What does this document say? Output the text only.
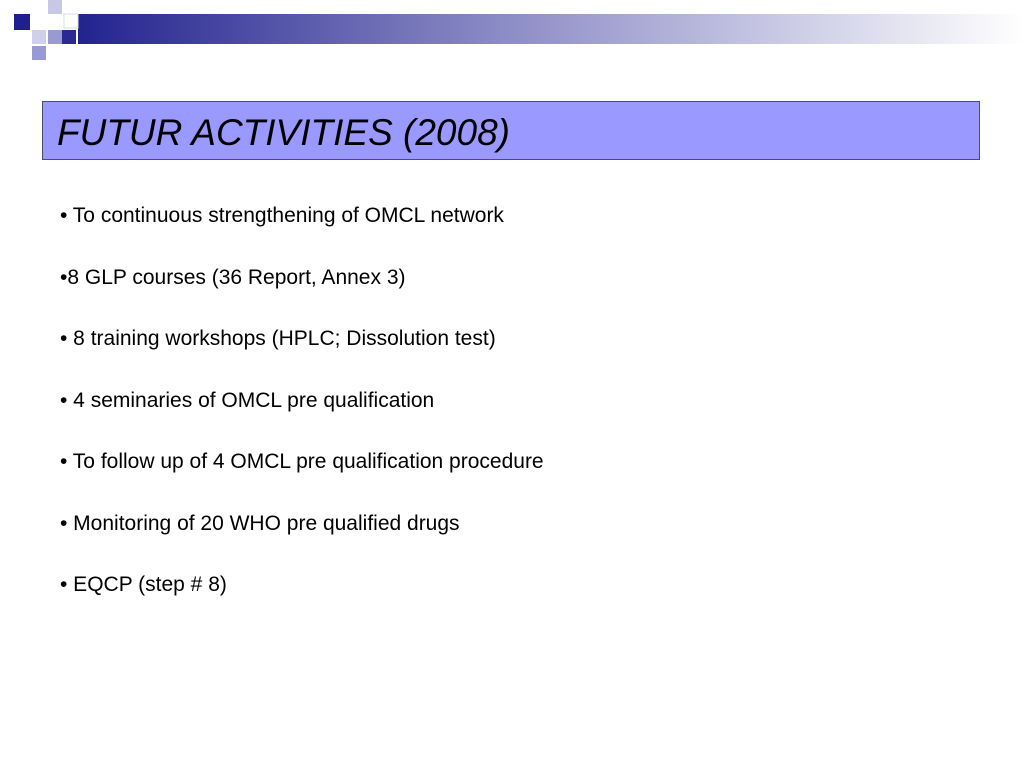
FUTUR ACTIVITIES (2008)
• To continuous strengthening of OMCL network
•8 GLP courses (36 Report, Annex 3)
• 8 training workshops (HPLC; Dissolution test)
• 4 seminaries of OMCL pre qualification
• To follow up of 4 OMCL pre qualification procedure
• Monitoring of 20 WHO pre qualified drugs
• EQCP (step # 8)
